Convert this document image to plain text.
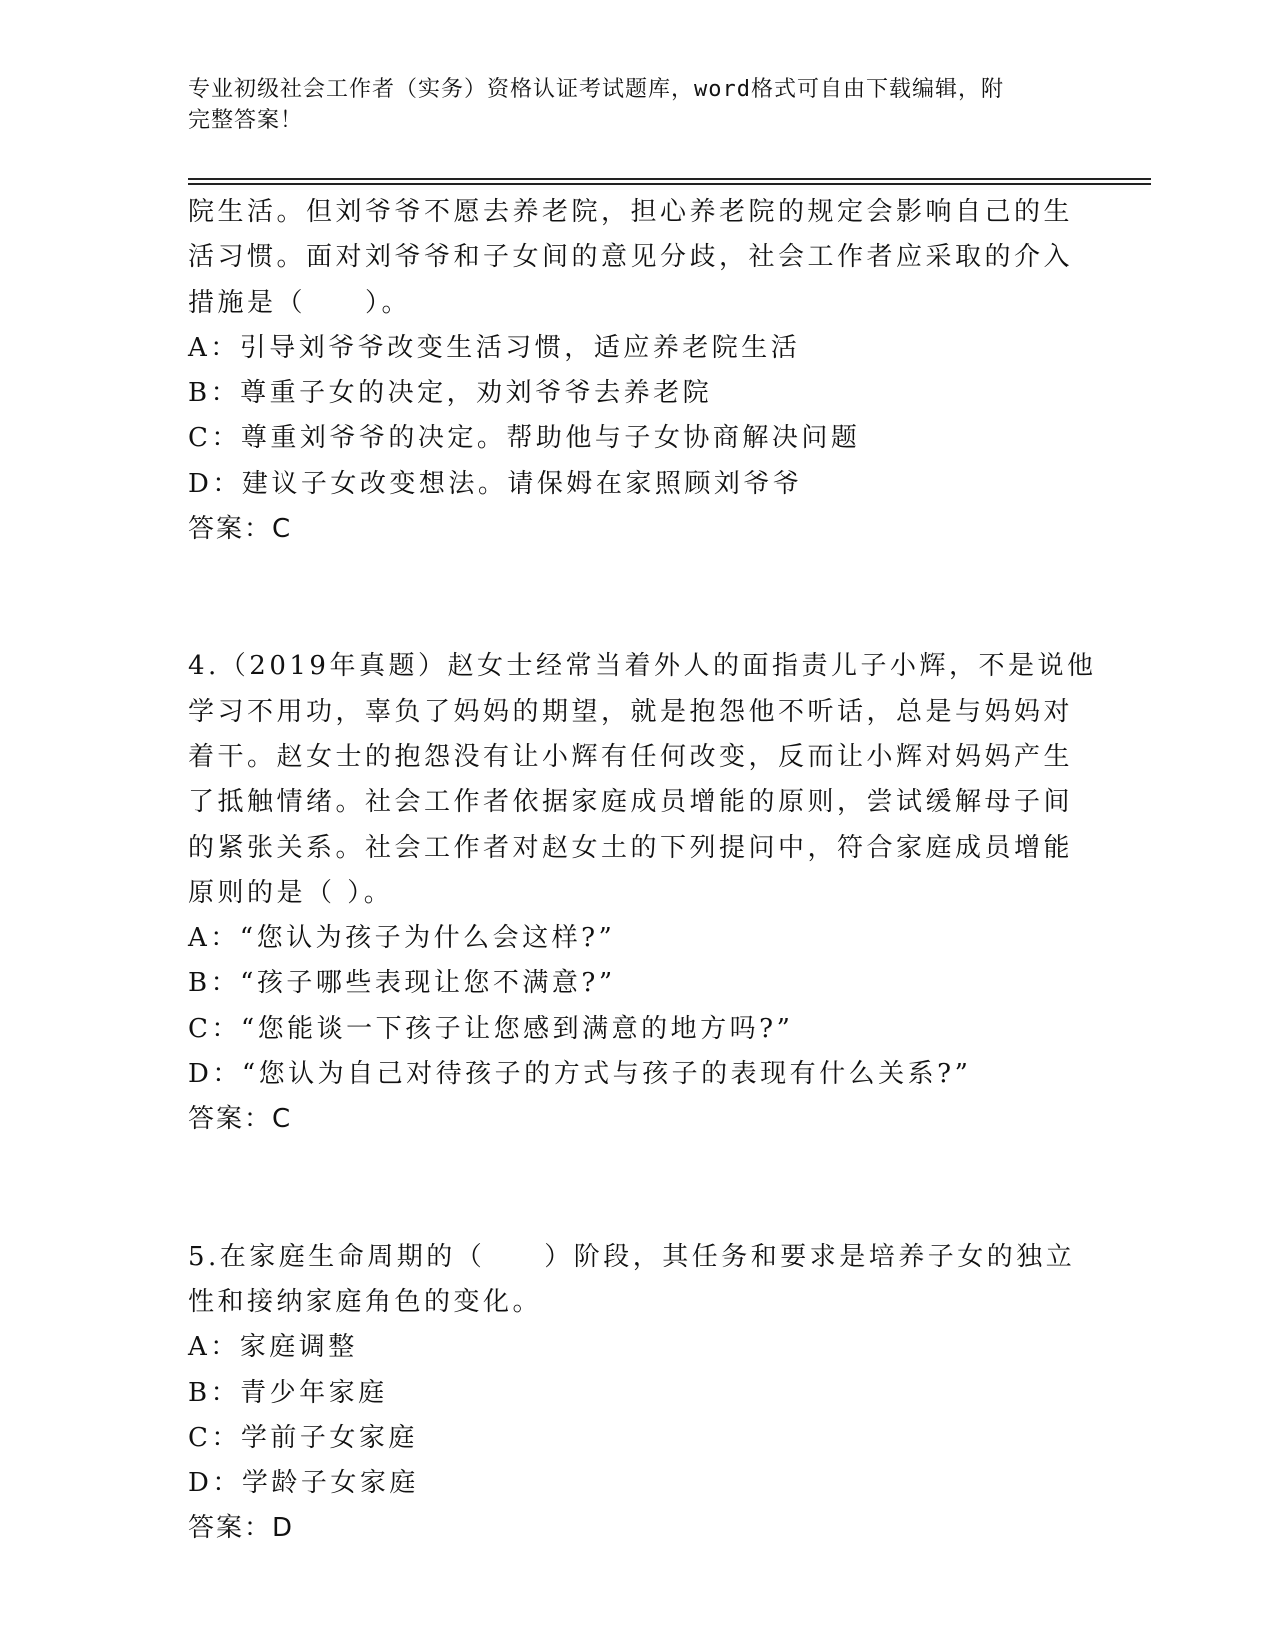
专业初级社会工作者（实务）资格认证考试题库，word格式可自由下载编辑，附
完整答案！
院生活。但刘爷爷不愿去养老院，担心养老院的规定会影响自己的生
活习惯。面对刘爷爷和子女间的意见分歧，社会工作者应采取的介入
措施是（　　）。
A：引导刘爷爷改变生活习惯，适应养老院生活
B：尊重子女的决定，劝刘爷爷去养老院
C：尊重刘爷爷的决定。帮助他与子女协商解决问题
D：建议子女改变想法。请保姆在家照顾刘爷爷
答案：C
4.（2019年真题）赵女士经常当着外人的面指责儿子小辉，不是说他
学习不用功，辜负了妈妈的期望，就是抱怨他不听话，总是与妈妈对
着干。赵女士的抱怨没有让小辉有任何改变，反而让小辉对妈妈产生
了抵触情绪。社会工作者依据家庭成员增能的原则，尝试缓解母子间
的紧张关系。社会工作者对赵女土的下列提问中，符合家庭成员增能
原则的是（ ）。
A：“您认为孩子为什么会这样?”
B：“孩子哪些表现让您不满意?”
C：“您能谈一下孩子让您感到满意的地方吗?”
D：“您认为自己对待孩子的方式与孩子的表现有什么关系?”
答案：C
5.在家庭生命周期的（　　）阶段，其任务和要求是培养子女的独立
性和接纳家庭角色的变化。
A：家庭调整
B：青少年家庭
C：学前子女家庭
D：学龄子女家庭
答案：D
